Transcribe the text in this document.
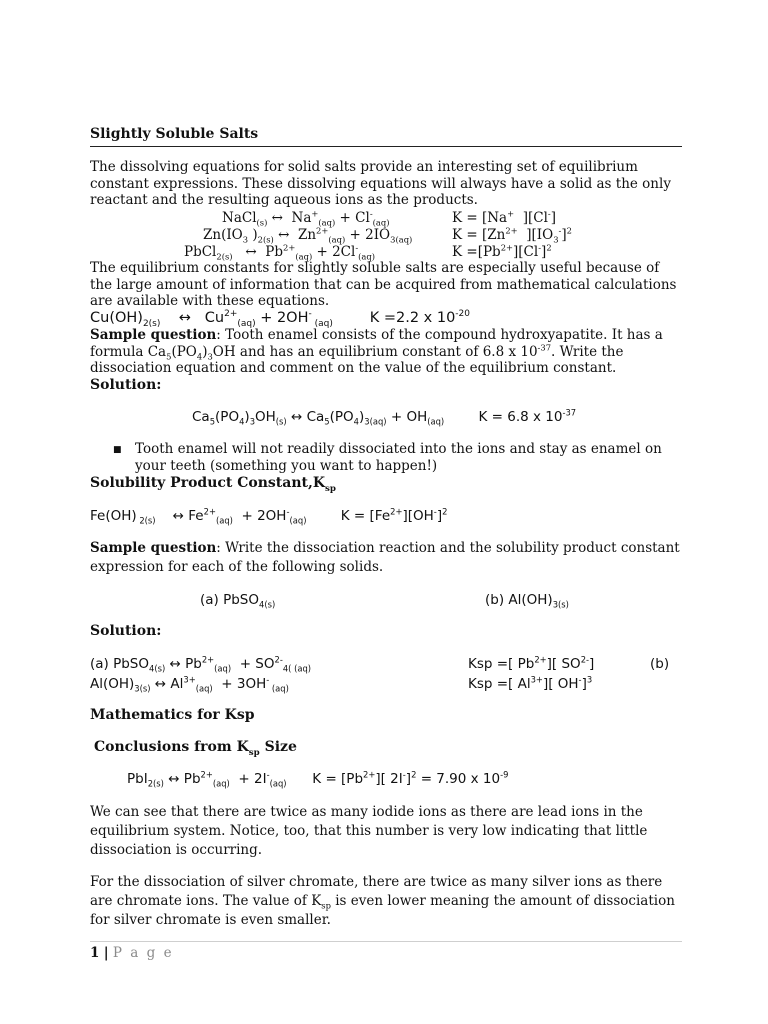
Slightly Soluble Salts
The dissolving equations for solid salts provide an interesting set of equilibrium constant expressions. These dissolving equations will always have a solid as the only reactant and the resulting aqueous ions as the products.
NaCl$_{(s)}$ ↔  $Na^+_{(aq)} + Cl^-_{(aq)}$	K = [Na+  ][Cl-]
$Zn(IO_3$ )$_{2(s)}$ ↔  $Zn^{2+}_{(aq)} + 2IO_{3(aq)}$	$K = [Zn^{2+}$  ]$[IO_3^-]^2$
PbCl$_{2(s)}$   ↔  $Pb^{2+}_{(aq)} + 2Cl^-_{(aq)}$	$K =[Pb^{2+}][Cl^-]^2$
The equilibrium constants for slightly soluble salts are especially useful because of the large amount of information that can be acquired from mathematical calculations are available with these equations.
$Cu(OH)_{2(s)}$    ↔   $Cu^{2+}_{(aq)} + 2OH^-$ $_{(aq)}$        K =2.2 x $10^{-20}$
Sample question: Tooth enamel consists of the compound hydroxyapatite. It has a formula $Ca_5(PO_4)_3OH$ and has an equilibrium constant of 6.8 x $10^{-37}$. Write the dissociation equation and comment on the value of the equilibrium constant.
Solution:
$Ca_5(PO_4)_3OH_{(s)}$ ↔ $Ca_5(PO_4)_{3(aq)} + OH_{(aq)}$        K = 6.8 x $10^{-37}$
■ Tooth enamel will not readily dissociated into the ions and stay as enamel on your teeth (something you want to happen!)
Solubility Product $Constant,K_{sp}$
Fe(OH) $_{2(s)}$    ↔ $Fe^{2+}_{(aq)} + 2OH^-_{(aq)}$        $K = [Fe^{2+}][OH^-]^2$
Sample question: Write the dissociation reaction and the solubility product constant expression for each of the following solids.
(a) PbSO$_{4(s)}$	(b) $Al(OH)_{3(s)}$
Solution:
(a) PbSO$_{4(s)}$ ↔ $Pb^{2+}_{(aq)} + SO^{2-}_{4( (aq)}$	Ksp =[ $Pb^{2+}$][ $SO^{2-}$]	(b)
$Al(OH)_{3(s)}$ ↔ $Al^{3+}_{(aq)} + 3OH^-$ $_{(aq)}$	Ksp =[ $Al^{3+}$][ OH-]$^3$
Mathematics for Ksp
Conclusions from $K_{sp}$ Size
PbI$_{2(s)}$ ↔ $Pb^{2+}_{(aq)} + 2I^-_{(aq)}$      $K = [Pb^{2+}]$[ 2I-]$^2$ = 7.90 x $10^{-9}$
We can see that there are twice as many iodide ions as there are lead ions in the equilibrium system. Notice, too, that this number is very low indicating that little dissociation is occurring.
For the dissociation of silver chromate, there are twice as many silver ions as there are chromate ions. The value of $K_{sp}$ is even lower meaning the amount of dissociation for silver chromate is even smaller.
1 | P a g e
